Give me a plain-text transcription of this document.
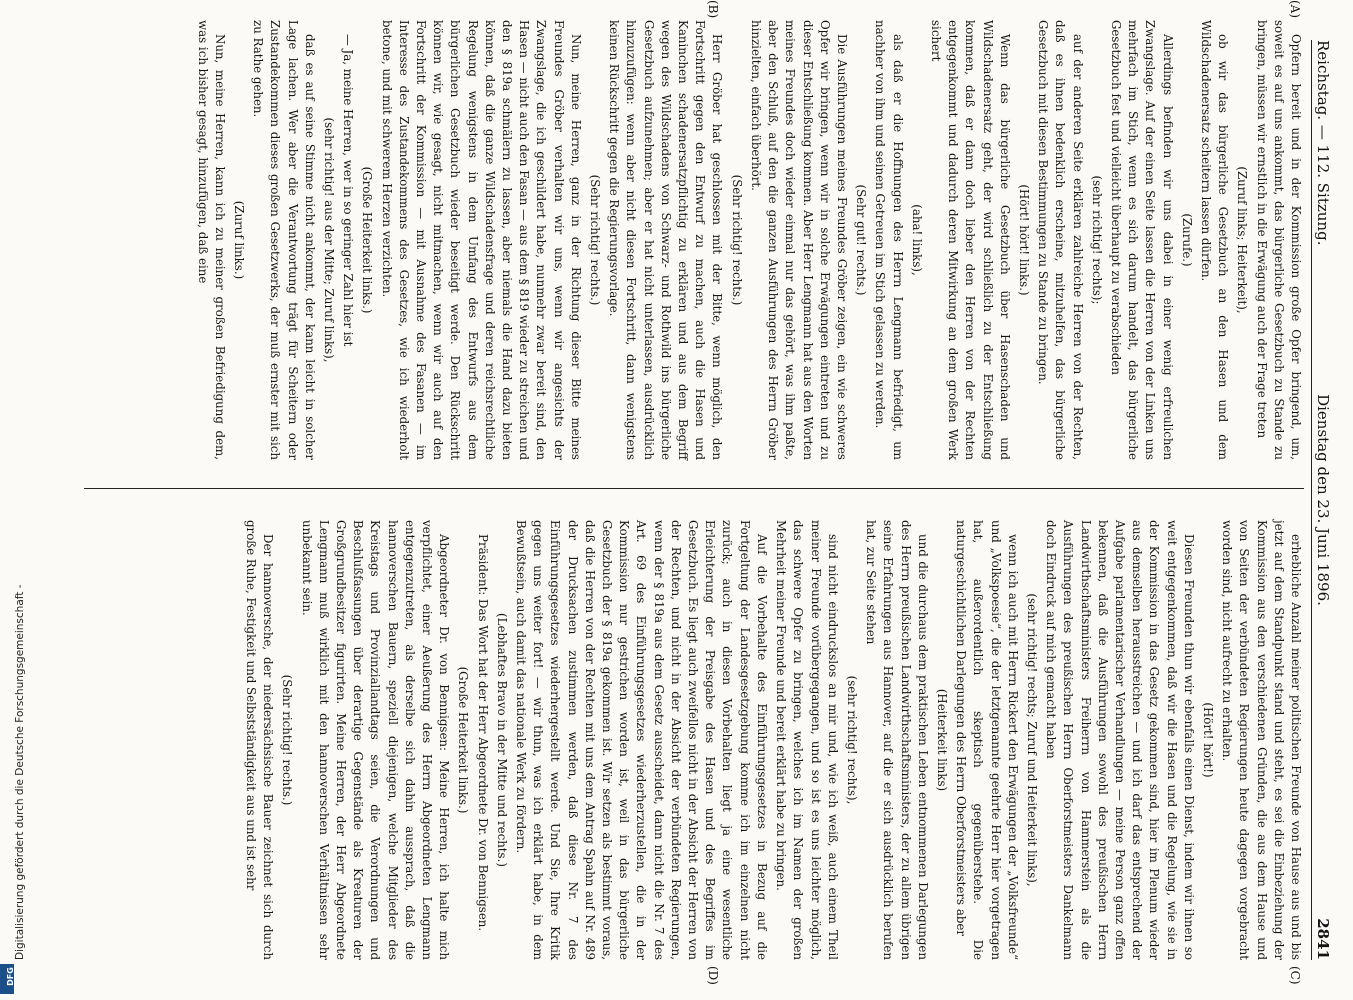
Digitalisierung gefördert durch die Deutsche Forschungsgemeinschaft -
DFG
Reichstag. — 112. Sitzung.
Dienstag den 23. Juni 1896.
2841
(A)
(B)
(C)
(D)

Opfern bereit und in der Kommission große Opfer bringend, um, soweit es auf uns ankommt, das bürgerliche Gesetzbuch zu Stande zu bringen, müssen wir ernstlich in die Erwägung auch der Frage treten

(Zuruf links; Heiterkeit),

ob wir das bürgerliche Gesetzbuch an den Hasen und dem Wildschadenersatz scheitern lassen dürfen.

(Zurufe.)

Allerdings befinden wir uns dabei in einer wenig erfreulichen Zwangslage. Auf der einen Seite lassen die Herren von der Linken uns mehrfach im Stich, wenn es sich darum handelt, das bürgerliche Gesetzbuch fest und vielleicht überhaupt zu verabschieden

(sehr richtig! rechts);

auf der anderen Seite erklären zahlreiche Herren von der Rechten, daß es ihnen bedenklich erscheine, mitzuhelfen, das bürgerliche Gesetzbuch mit diesen Bestimmungen zu Stande zu bringen.

(Hört! hört! links.)

Wenn das bürgerliche Gesetzbuch über Hasenschaden und Wildschadenersatz geht, der wird schließlich zu der Entschließung kommen, daß er dann doch lieber den Herren von der Rechten entgegenkommt und dadurch deren Mitwirkung an dem großen Werk sichert

(aha! links),

als daß er die Hoffnungen des Herrn Lengmann befriedigt, um nachher von ihm und seinen Getreuen im Stich gelassen zu werden.

(Sehr gut! rechts.)

Die Ausführungen meines Freundes Gröber zeigen, ein wie schweres Opfer wir bringen, wenn wir in solche Erwägungen eintreten und zu dieser Entschließung kommen. Aber Herr Lengmann hat aus den Worten meines Freundes doch wieder einmal nur das gehört, was ihm paßte, aber den Schluß, auf den die ganzen Ausführungen des Herrn Gröber hinzielten, einfach überhört.

(Sehr richtig! rechts.)

Herr Gröber hat geschlossen mit der Bitte, wenn möglich, den Fortschritt gegen den Entwurf zu machen, auch die Hasen und Kaninchen schadenersatzpflichtig zu erklären und aus dem Begriff wegen des Wildschadens von Schwarz- und Rothwild ins bürgerliche Gesetzbuch aufzunehmen; aber er hat nicht unterlassen, ausdrücklich hinzuzufügen: wenn aber nicht diesen Fortschritt, dann wenigstens keinen Rückschritt gegen die Regierungsvorlage.

(Sehr richtig! rechts.)

Nun, meine Herren, ganz in der Richtung dieser Bitte meines Freundes Gröber verhalten wir uns, wenn wir angesichts der Zwangslage, die ich geschildert habe, nunmehr zwar bereit sind, den Hasen — nicht auch den Fasan — aus dem § 819 wieder zu streichen und den § 819a schmälern zu lassen, aber niemals die Hand dazu bieten können, daß die ganze Wildschadensfrage und deren reichsrechtliche Regelung wenigstens in dem Umfang des Entwurfs aus dem bürgerlichen Gesetzbuch wieder beseitigt werde. Den Rückschritt können wir, wie gesagt, nicht mitmachen, wenn wir auch auf den Fortschritt der Kommission — mit Ausnahme des Fasanen — im Interesse des Zustandekommens des Gesetzes, wie ich wiederholt betone, und mit schwerem Herzen verzichten.

(Große Heiterkeit links.)

— Ja, meine Herren, wer in so geringer Zahl hier ist

(sehr richtig! aus der Mitte; Zuruf links),

daß es auf seine Stimme nicht ankommt, der kann leicht in solcher Lage lachen. Wer aber die Verantwortung trägt für Scheitern oder Zustandekommen dieses großen Gesetzwerks, der muß ernster mit sich zu Rathe gehen.

(Zuruf links.)

Nun, meine Herren, kann ich zu meiner großen Befriedigung dem, was ich bisher gesagt, hinzufügen, daß eine

erhebliche Anzahl meiner politischen Freunde von Hause aus und bis jetzt auf dem Standpunkt stand und steht, es sei die Einbeziehung der Kommission aus den verschiedenen Gründen, die aus dem Hause und von Seiten der verbündeten Regierungen heute dagegen vorgebracht worden sind, nicht aufrecht zu erhalten.

(Hört! hört!)

Diesen Freunden thun wir ebenfalls einen Dienst, indem wir ihnen so weit entgegenkommen, daß wir die Hasen und die Regelung, wie sie in der Kommission in das Gesetz gekommen sind, hier im Plenum wieder aus demselben herausstreichen — und ich darf das entsprechend der Aufgabe parlamentarischer Verhandlungen — meine Person ganz offen bekennen, daß die Ausführungen sowohl des preußischen Herrn Landwirthschaftsministers Freiherrn von Hammerstein als die Ausführungen des preußischen Herrn Oberforstmeisters Dankelmann doch Eindruck auf mich gemacht haben

(sehr richtig! rechts; Zuruf und Heiterkeit links),

wenn ich auch mit Herrn Rickert den Erwägungen der „Volksfreunde“ und „Volkspoesie“, die der letztgenannte geehrte Herr hier vorgetragen hat, außerordentlich skeptisch gegenüberstehe. Die naturgeschichtlichen Darlegungen des Herrn Oberforstmeisters aber

(Heiterkeit links)

und die durchaus dem praktischen Leben entnommenen Darlegungen des Herrn preußischen Landwirthschaftsministers, der zu allem übrigen seine Erfahrungen aus Hannover, auf die er sich ausdrücklich berufen hat, zur Seite stehen

(sehr richtig! rechts),

sind nicht eindruckslos an mir und, wie ich weiß, auch einem Theil meiner Freunde vorübergegangen, und so ist es uns leichter möglich, das schwere Opfer zu bringen, welches ich im Namen der großen Mehrheit meiner Freunde und bereit erklärt habe zu bringen.

Auf die Vorbehalte des Einführungsgesetzes in Bezug auf die Fortgeltung der Landesgesetzgebung komme ich im einzelnen nicht zurück; auch in diesen Vorbehalten liegt ja eine wesentliche Erleichterung der Preisgabe des Hasen und des Begriffes im Gesetzbuch. Es liegt auch zweifellos nicht in der Absicht der Herren von der Rechten, und nicht in der Absicht der verbündeten Regierungen, wenn der § 819a aus dem Gesetz ausscheidet, dann nicht die Nr. 7 des Art. 69 des Einführungsgesetzes wiederherzustellen, die in der Kommission nur gestrichen worden ist, weil in das bürgerliche Gesetzbuch der § 819a gekommen ist. Wir setzen als bestimmt voraus, daß die Herren von der Rechten mit uns dem Antrag Spahn auf Nr. 489 der Drucksachen zustimmen werden, daß diese Nr. 7 des Einführungsgesetzes wiederhergestellt werde. Und Sie, Ihre Kritik gegen uns weiter fort! — wir thun, was ich erklärt habe, in dem Bewußtsein, auch damit das nationale Werk zu fördern.

(Lebhaftes Bravo in der Mitte und rechts.)

Präsident: Das Wort hat der Herr Abgeordnete Dr. von Bennigsen.

(Große Heiterkeit links.)

Abgeordneter Dr. von Bennigsen: Meine Herren, ich halte mich verpflichtet, einer Aeußerung des Herrn Abgeordneten Lengmann entgegenzutreten, als derselbe sich dahin aussprach, daß die hannoverschen Bauern, speziell diejenigen, welche Mitglieder des Kreistags und Provinziallandtags seien, die Verordnungen und Beschlußfassungen über derartige Gegenstände als Kreaturen der Großgrundbesitzer figurirten. Meine Herren, der Herr Abgeordnete Lengmann muß wirklich mit den hannoverschen Verhältnissen sehr unbekannt sein.

(Sehr richtig! rechts.)

Der hannoversche, der niedersächsische Bauer zeichnet sich durch große Ruhe, Festigkeit und Selbstständigkeit aus und ist sehr
